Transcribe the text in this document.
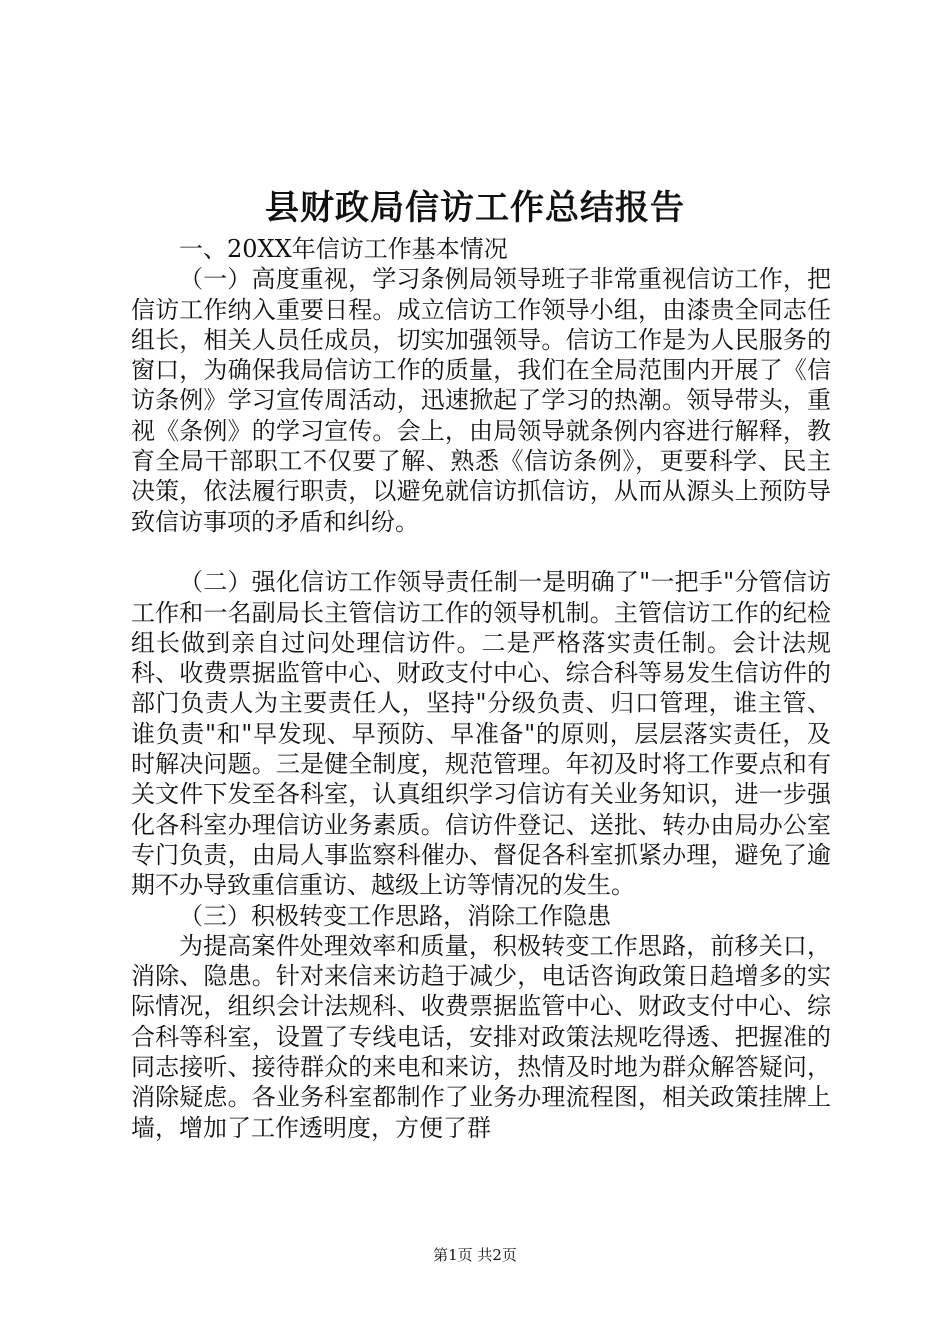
县财政局信访工作总结报告

一、20XX年信访工作基本情况

（一）高度重视，学习条例局领导班子非常重视信访工作，把信访工作纳入重要日程。成立信访工作领导小组，由漆贵全同志任组长，相关人员任成员，切实加强领导。信访工作是为人民服务的窗口，为确保我局信访工作的质量，我们在全局范围内开展了《信访条例》学习宣传周活动，迅速掀起了学习的热潮。领导带头，重视《条例》的学习宣传。会上，由局领导就条例内容进行解释，教育全局干部职工不仅要了解、熟悉《信访条例》，更要科学、民主决策，依法履行职责，以避免就信访抓信访，从而从源头上预防导致信访事项的矛盾和纠纷。

（二）强化信访工作领导责任制一是明确了"一把手"分管信访工作和一名副局长主管信访工作的领导机制。主管信访工作的纪检组长做到亲自过问处理信访件。二是严格落实责任制。会计法规科、收费票据监管中心、财政支付中心、综合科等易发生信访件的部门负责人为主要责任人，坚持"分级负责、归口管理，谁主管、谁负责"和"早发现、早预防、早准备"的原则，层层落实责任，及时解决问题。三是健全制度，规范管理。年初及时将工作要点和有关文件下发至各科室，认真组织学习信访有关业务知识，进一步强化各科室办理信访业务素质。信访件登记、送批、转办由局办公室专门负责，由局人事监察科催办、督促各科室抓紧办理，避免了逾期不办导致重信重访、越级上访等情况的发生。

（三）积极转变工作思路，消除工作隐患

为提高案件处理效率和质量，积极转变工作思路，前移关口，消除、隐患。针对来信来访趋于减少，电话咨询政策日趋增多的实际情况，组织会计法规科、收费票据监管中心、财政支付中心、综合科等科室，设置了专线电话，安排对政策法规吃得透、把握准的同志接听、接待群众的来电和来访，热情及时地为群众解答疑问，消除疑虑。各业务科室都制作了业务办理流程图，相关政策挂牌上墙，增加了工作透明度，方便了群

第1页 共2页
